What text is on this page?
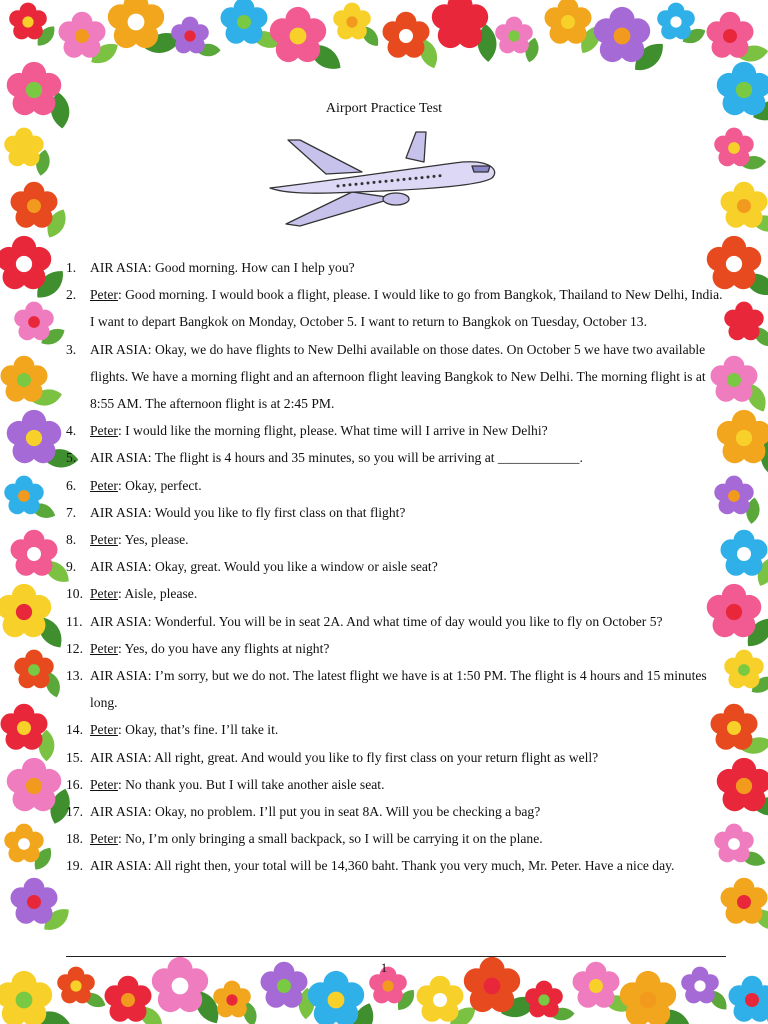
Airport Practice Test
1. AIR ASIA: Good morning. How can I help you?
2. Peter: Good morning. I would book a flight, please. I would like to go from Bangkok, Thailand to New Delhi, India. I want to depart Bangkok on Monday, October 5. I want to return to Bangkok on Tuesday, October 13.
3. AIR ASIA: Okay, we do have flights to New Delhi available on those dates. On October 5 we have two available flights. We have a morning flight and an afternoon flight leaving Bangkok to New Delhi. The morning flight is at 8:55 AM. The afternoon flight is at 2:45 PM.
4. Peter: I would like the morning flight, please. What time will I arrive in New Delhi?
5. AIR ASIA: The flight is 4 hours and 35 minutes, so you will be arriving at ____________.
6. Peter: Okay, perfect.
7. AIR ASIA: Would you like to fly first class on that flight?
8. Peter: Yes, please.
9. AIR ASIA: Okay, great. Would you like a window or aisle seat?
10. Peter: Aisle, please.
11. AIR ASIA: Wonderful. You will be in seat 2A. And what time of day would you like to fly on October 5?
12. Peter: Yes, do you have any flights at night?
13. AIR ASIA: I’m sorry, but we do not. The latest flight we have is at 1:50 PM. The flight is 4 hours and 15 minutes long.
14. Peter: Okay, that’s fine. I’ll take it.
15. AIR ASIA: All right, great. And would you like to fly first class on your return flight as well?
16. Peter: No thank you. But I will take another aisle seat.
17. AIR ASIA: Okay, no problem. I’ll put you in seat 8A. Will you be checking a bag?
18. Peter: No, I’m only bringing a small backpack, so I will be carrying it on the plane.
19. AIR ASIA: All right then, your total will be 14,360 baht. Thank you very much, Mr. Peter. Have a nice day.
1
